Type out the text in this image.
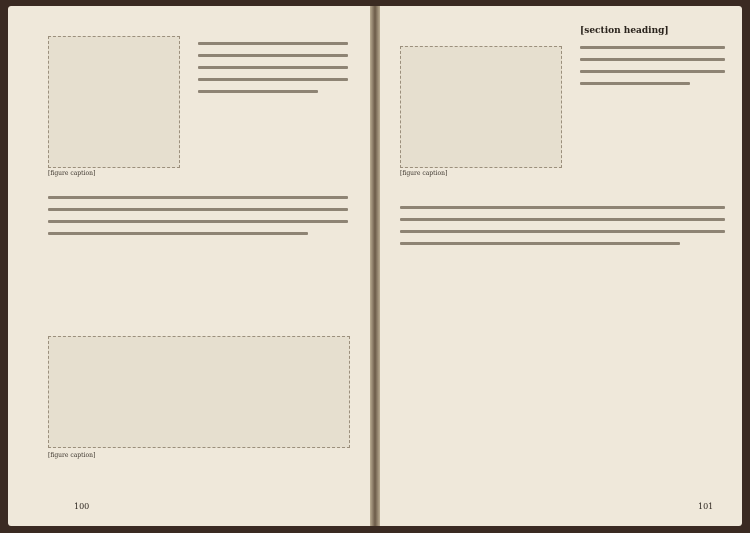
[figure caption]
[figure caption]
100
[section heading]
[figure caption]
101
